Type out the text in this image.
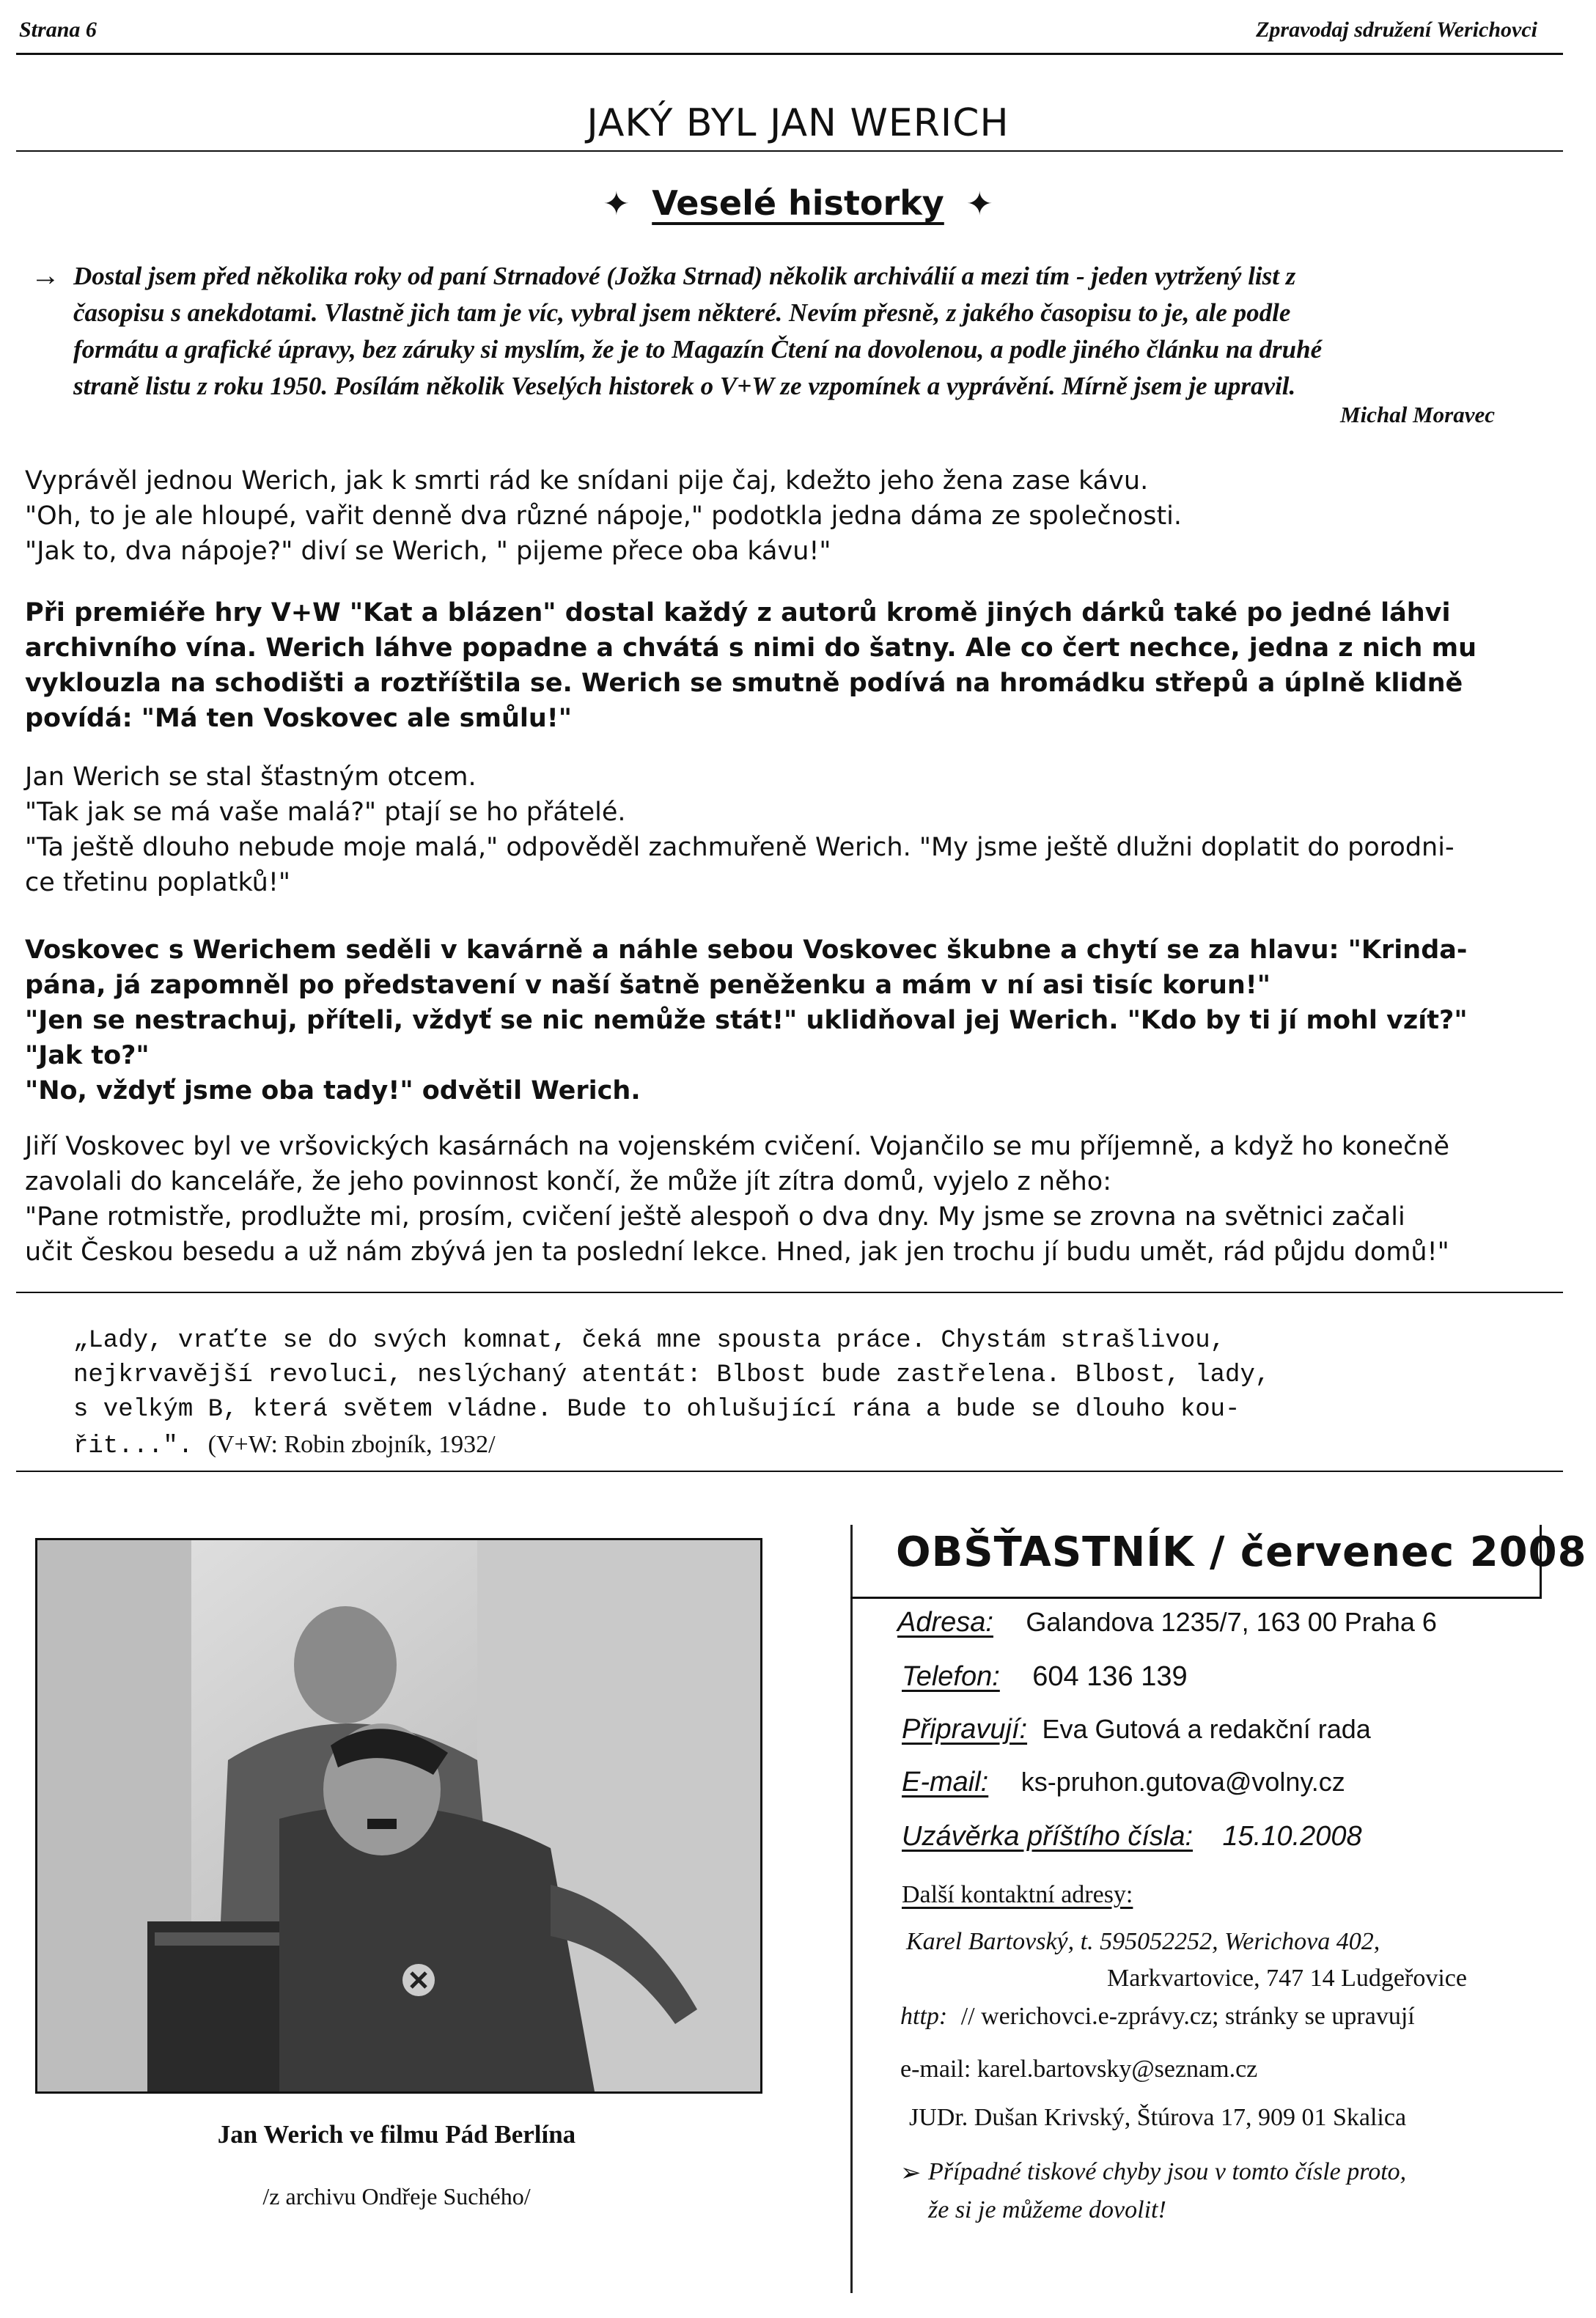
Strana 6	Zpravodaj sdružení Werichovci
JAKÝ BYL JAN WERICH
✦ Veselé historky ✦
→ Dostal jsem před několika roky od paní Strnadové (Jožka Strnad) několik archiválií a mezi tím - jeden vytržený list z
časopisu s anekdotami. Vlastně jich tam je víc, vybral jsem některé. Nevím přesně, z jakého časopisu to je, ale podle
formátu a grafické úpravy, bez záruky si myslím, že je to Magazín Čtení na dovolenou, a podle jiného článku na druhé
straně listu z roku 1950. Posílám několik Veselých historek o V+W ze vzpomínek a vyprávění. Mírně jsem je upravil.
Michal Moravec

Vyprávěl jednou Werich, jak k smrti rád ke snídani pije čaj, kdežto jeho žena zase kávu.

"Oh, to je ale hloupé, vařit denně dva různé nápoje," podotkla jedna dáma ze společnosti.

"Jak to, dva nápoje?" diví se Werich, " pijeme přece oba kávu!"

Při premiéře hry V+W "Kat a blázen" dostal každý z autorů kromě jiných dárků také po jedné láhvi

archivního vína. Werich láhve popadne a chvátá s nimi do šatny. Ale co čert nechce, jedna z nich mu

vyklouzla na schodišti a roztříštila se. Werich se smutně podívá na hromádku střepů a úplně klidně

povídá: "Má ten Voskovec ale smůlu!"

Jan Werich se stal šťastným otcem.

"Tak jak se má vaše malá?" ptají se ho přátelé.

"Ta ještě dlouho nebude moje malá," odpověděl zachmuřeně Werich. "My jsme ještě dlužni doplatit do porodni-

ce třetinu poplatků!"

Voskovec s Werichem seděli v kavárně a náhle sebou Voskovec škubne a chytí se za hlavu: "Krinda-

pána, já zapomněl po představení v naší šatně peněženku a mám v ní asi tisíc korun!"

"Jen se nestrachuj, příteli, vždyť se nic nemůže stát!" uklidňoval jej Werich. "Kdo by ti jí mohl vzít?"

"Jak to?"

"No, vždyť jsme oba tady!" odvětil Werich.

Jiří Voskovec byl ve vršovických kasárnách na vojenském cvičení. Vojančilo se mu příjemně, a když ho konečně

zavolali do kanceláře, že jeho povinnost končí, že může jít zítra domů, vyjelo z něho:

"Pane rotmistře, prodlužte mi, prosím, cvičení ještě alespoň o dva dny. My jsme se zrovna na světnici začali

učit Českou besedu a už nám zbývá jen ta poslední lekce. Hned, jak jen trochu jí budu umět, rád půjdu domů!"

„Lady, vraťte se do svých komnat, čeká mne spousta práce. Chystám strašlivou,

nejkrvavější revoluci, neslýchaný atentát: Blbost bude zastřelena. Blbost, lady,

s velkým B, která světem vládne. Bude to ohlušující rána a bude se dlouho kou-

řit...". (V+W: Robin zbojník, 1932/

Jan Werich ve filmu Pád Berlína
/z archivu Ondřeje Suchého/
OBŠŤASTNÍK / červenec 2008
Adresa: Galandova 1235/7, 163 00 Praha 6
Telefon: 604 136 139
Připravují: Eva Gutová a redakční rada
E-mail: ks-pruhon.gutova@volny.cz
Uzávěrka příštího čísla: 15.10.2008
Další kontaktní adresy:
Karel Bartovský, t. 595052252, Werichova 402,
Markvartovice, 747 14 Ludgeřovice
http: // werichovci.e-zprávy.cz; stránky se upravují
e-mail: karel.bartovsky@seznam.cz
JUDr. Dušan Krivský, Štúrova 17, 909 01 Skalica
➢ Případné tiskové chyby jsou v tomto čísle proto,
že si je můžeme dovolit!
